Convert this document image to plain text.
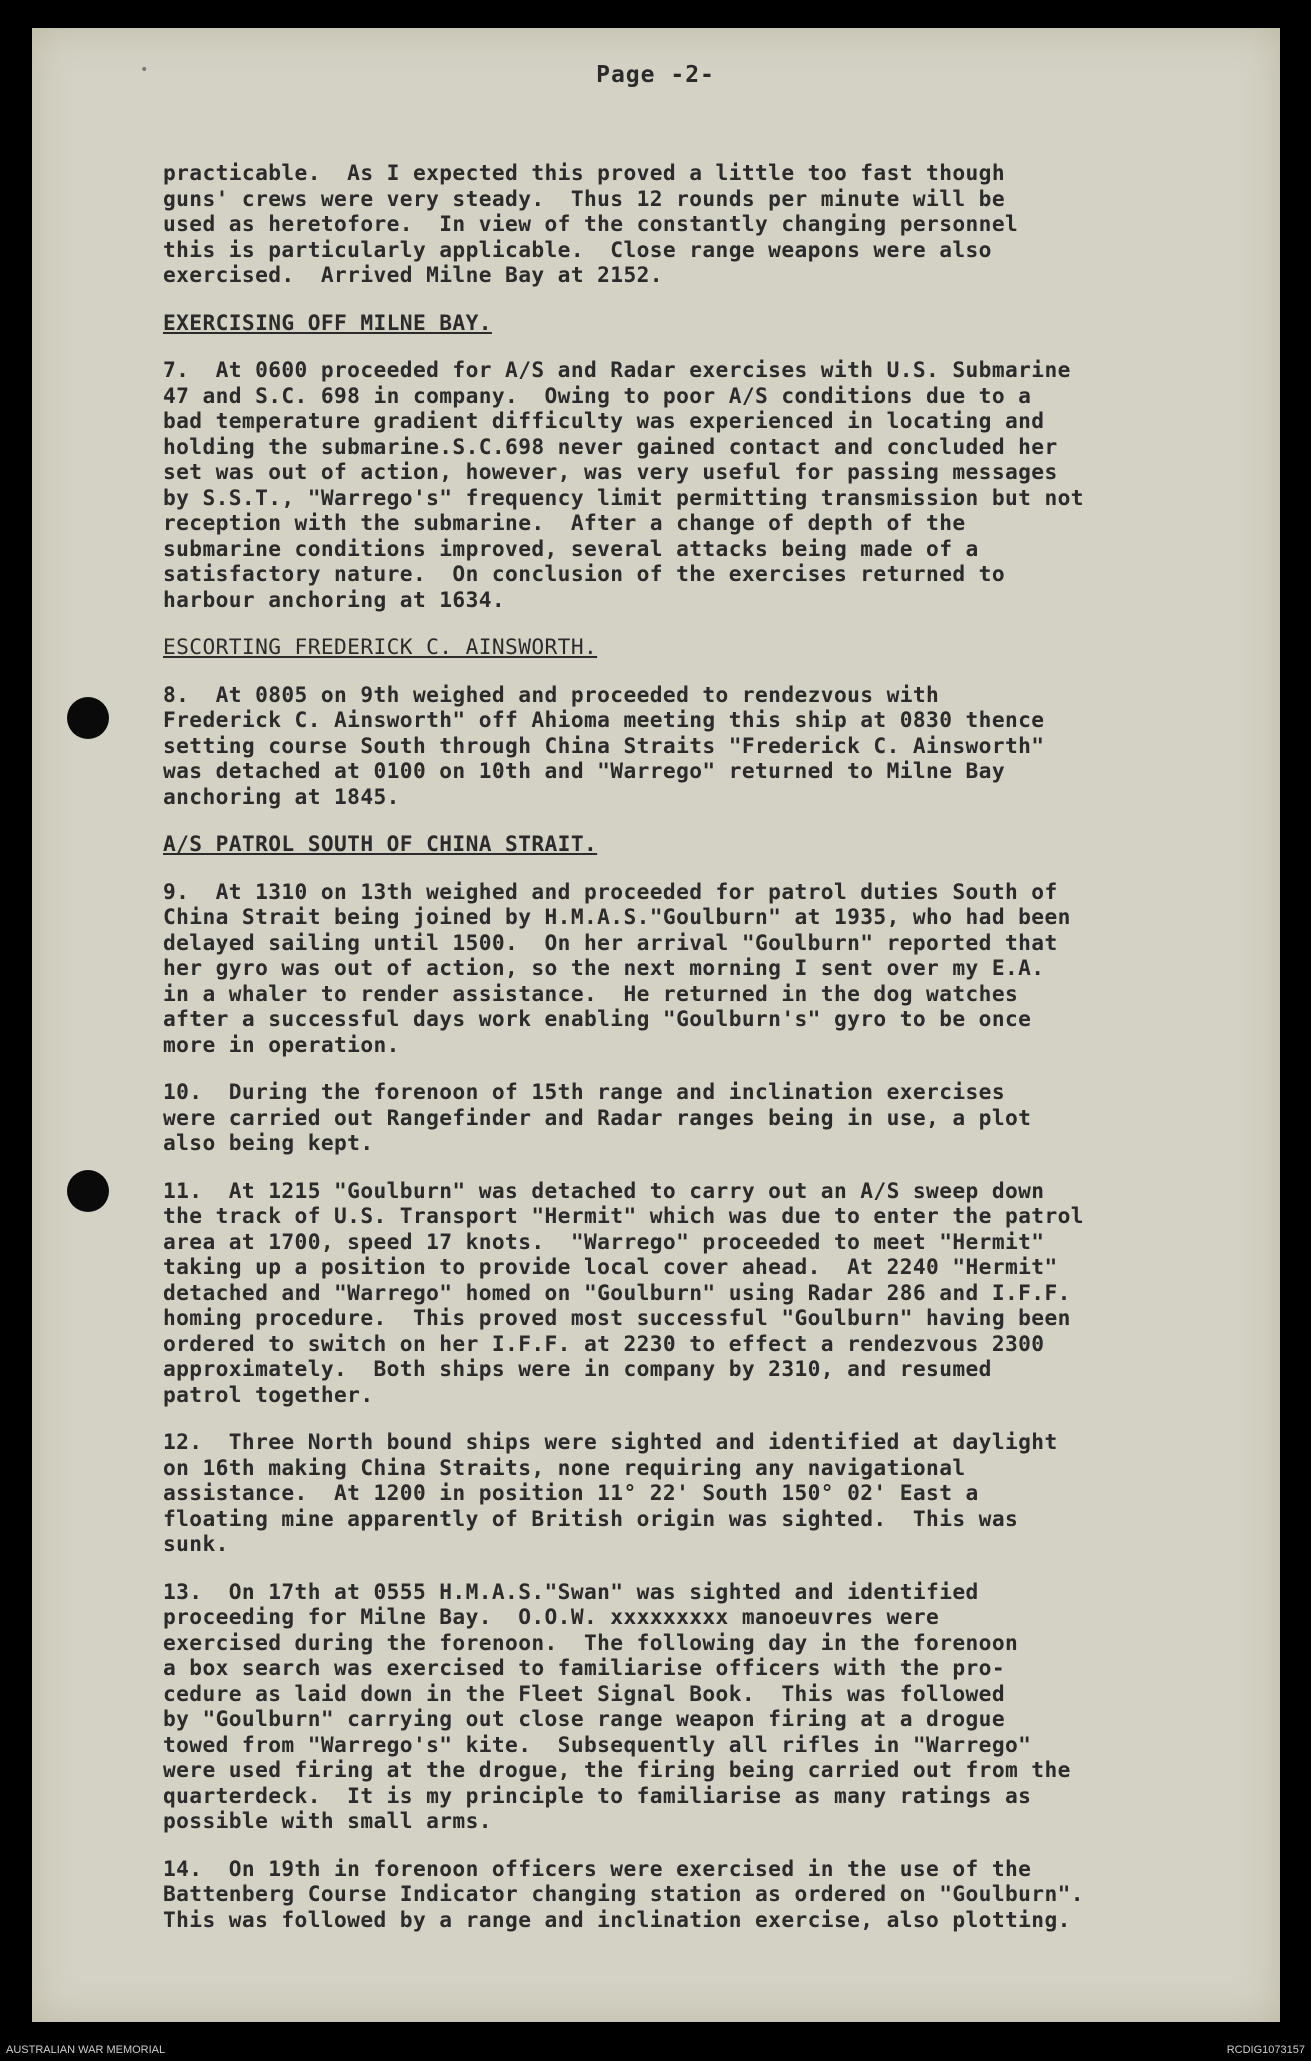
•	Page -2-
practicable.  As I expected this proved a little too fast though
guns' crews were very steady.  Thus 12 rounds per minute will be
used as heretofore.  In view of the constantly changing personnel
this is particularly applicable.  Close range weapons were also
exercised.  Arrived Milne Bay at 2152.
EXERCISING OFF MILNE BAY.
7.  At 0600 proceeded for A/S and Radar exercises with U.S. Submarine
47 and S.C. 698 in company.  Owing to poor A/S conditions due to a
bad temperature gradient difficulty was experienced in locating and
holding the submarine.S.C.698 never gained contact and concluded her
set was out of action, however, was very useful for passing messages
by S.S.T., "Warrego's" frequency limit permitting transmission but not
reception with the submarine.  After a change of depth of the
submarine conditions improved, several attacks being made of a
satisfactory nature.  On conclusion of the exercises returned to
harbour anchoring at 1634.
ESCORTING FREDERICK C. AINSWORTH.
8.  At 0805 on 9th weighed and proceeded to rendezvous with
Frederick C. Ainsworth" off Ahioma meeting this ship at 0830 thence
setting course South through China Straits "Frederick C. Ainsworth"
was detached at 0100 on 10th and "Warrego" returned to Milne Bay
anchoring at 1845.
A/S PATROL SOUTH OF CHINA STRAIT.
9.  At 1310 on 13th weighed and proceeded for patrol duties South of
China Strait being joined by H.M.A.S."Goulburn" at 1935, who had been
delayed sailing until 1500.  On her arrival "Goulburn" reported that
her gyro was out of action, so the next morning I sent over my E.A.
in a whaler to render assistance.  He returned in the dog watches
after a successful days work enabling "Goulburn's" gyro to be once
more in operation.
10.  During the forenoon of 15th range and inclination exercises
were carried out Rangefinder and Radar ranges being in use, a plot
also being kept.
11.  At 1215 "Goulburn" was detached to carry out an A/S sweep down
the track of U.S. Transport "Hermit" which was due to enter the patrol
area at 1700, speed 17 knots.  "Warrego" proceeded to meet "Hermit"
taking up a position to provide local cover ahead.  At 2240 "Hermit"
detached and "Warrego" homed on "Goulburn" using Radar 286 and I.F.F.
homing procedure.  This proved most successful "Goulburn" having been
ordered to switch on her I.F.F. at 2230 to effect a rendezvous 2300
approximately.  Both ships were in company by 2310, and resumed
patrol together.
12.  Three North bound ships were sighted and identified at daylight
on 16th making China Straits, none requiring any navigational
assistance.  At 1200 in position 11° 22' South 150° 02' East a
floating mine apparently of British origin was sighted.  This was
sunk.
13.  On 17th at 0555 H.M.A.S."Swan" was sighted and identified
proceeding for Milne Bay.  O.O.W. xxxxxxxxx manoeuvres were
exercised during the forenoon.  The following day in the forenoon
a box search was exercised to familiarise officers with the pro-
cedure as laid down in the Fleet Signal Book.  This was followed
by "Goulburn" carrying out close range weapon firing at a drogue
towed from "Warrego's" kite.  Subsequently all rifles in "Warrego"
were used firing at the drogue, the firing being carried out from the
quarterdeck.  It is my principle to familiarise as many ratings as
possible with small arms.
14.  On 19th in forenoon officers were exercised in the use of the
Battenberg Course Indicator changing station as ordered on "Goulburn".
This was followed by a range and inclination exercise, also plotting.
AUSTRALIAN WAR MEMORIAL	RCDIG1073157
